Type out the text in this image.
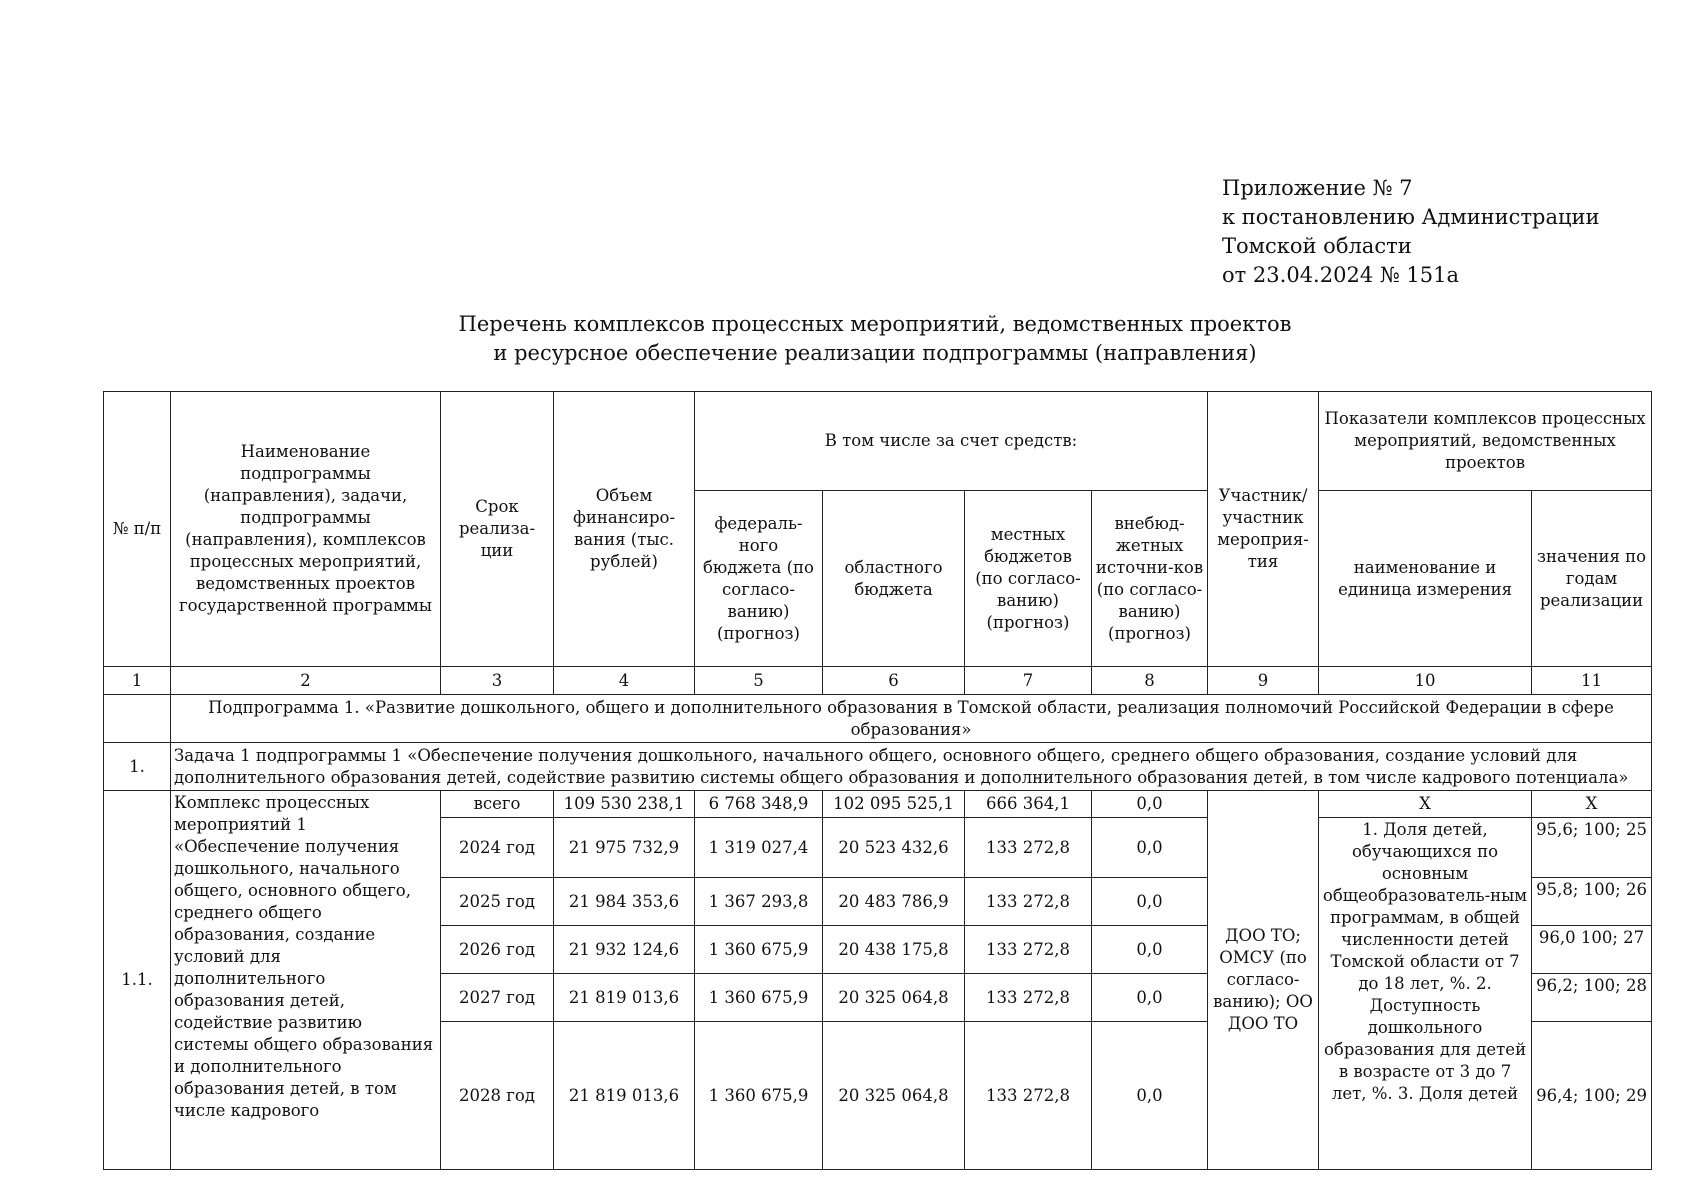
Приложение № 7
к постановлению Администрации
Томской области
от 23.04.2024 № 151а
Перечень комплексов процессных мероприятий, ведомственных проектов
и ресурсное обеспечение реализации подпрограммы (направления)
№ п/п	Наименование подпрограммы (направления), задачи, подпрограммы (направления), комплексов процессных мероприятий, ведомственных проектов государственной программы	Срок реализа-ции	Объем финансиро-вания (тыс. рублей)	В том числе за счет средств:				Участник/ участник мероприя-тия	Показатели комплексов процессных мероприятий, ведомственных проектов	
				федераль-ного бюджета (по согласо-ванию) (прогноз)	областного бюджета	местных бюджетов (по согласо-ванию) (прогноз)	внебюд-жетных источни-ков (по согласо-ванию) (прогноз)		наименование и единица измерения	значения по годам реализации
1	2	3	4	5	6	7	8	9	10	11
	Подпрограмма 1. «Развитие дошкольного, общего и дополнительного образования в Томской области, реализация полномочий Российской Федерации в сфере образования»									
1.	Задача 1 подпрограммы 1 «Обеспечение получения дошкольного, начального общего, основного общего, среднего общего образования, создание условий для дополнительного образования детей, содействие развитию системы общего образования и дополнительного образования детей, в том числе кадрового потенциала»									
1.1.	Комплекс процессных мероприятий 1 «Обеспечение получения дошкольного, начального общего, основного общего, среднего общего образования, создание условий для дополнительного образования детей, содействие развитию системы общего образования и дополнительного образования детей, в том числе кадрового	всего	109 530 238,1	6 768 348,9	102 095 525,1	666 364,1	0,0	ДОО ТО; ОМСУ (по согласо-ванию); ОО ДОО ТО	Х	Х
		2024 год	21 975 732,9	1 319 027,4	20 523 432,6	133 272,8	0,0		1. Доля детей, обучающихся по основным общеобразователь-ным программам, в общей численности детей Томской области от 7 до 18 лет, %. 2. Доступность дошкольного образования для детей в возрасте от 3 до 7 лет, %. 3. Доля детей	95,6; 100; 25
		2025 год	21 984 353,6	1 367 293,8	20 483 786,9	133 272,8	0,0			95,8; 100; 26
		2026 год	21 932 124,6	1 360 675,9	20 438 175,8	133 272,8	0,0			96,0 100; 27
		2027 год	21 819 013,6	1 360 675,9	20 325 064,8	133 272,8	0,0			96,2; 100; 28
		2028 год	21 819 013,6	1 360 675,9	20 325 064,8	133 272,8	0,0			96,4; 100; 29
